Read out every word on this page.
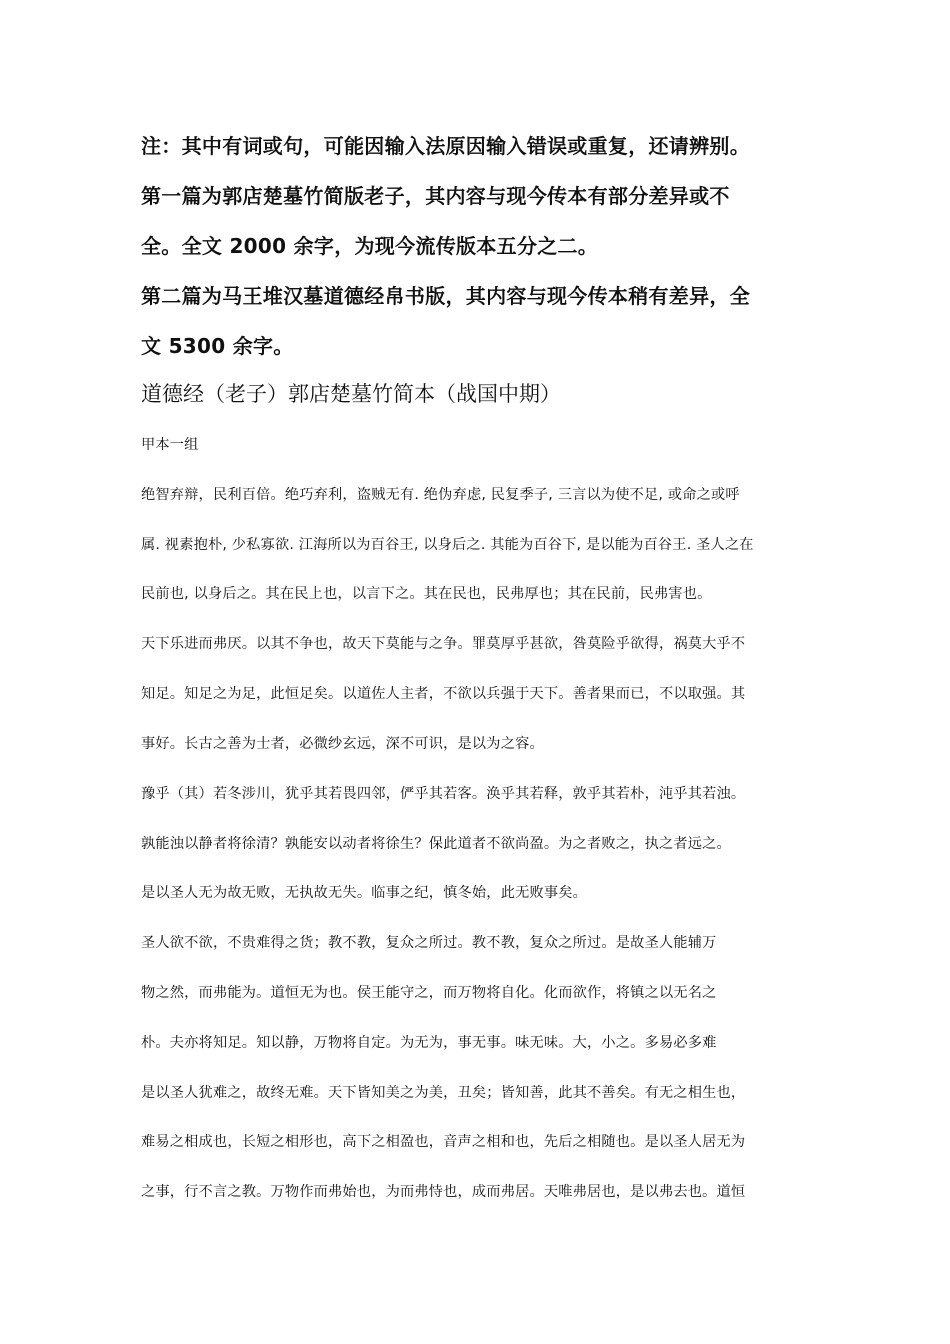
注：其中有词或句，可能因输入法原因输入错误或重复，还请辨别。

第一篇为郭店楚墓竹简版老子，其内容与现今传本有部分差异或不

全。全文 2000 余字，为现今流传版本五分之二。

第二篇为马王堆汉墓道德经帛书版，其内容与现今传本稍有差异，全

文 5300 余字。

道德经（老子）郭店楚墓竹简本（战国中期）

甲本一组

绝智弃辩，民利百倍。绝巧弃利，盗贼无有. 绝伪弃虑, 民复季子, 三言以为使不足, 或命之或呼

属. 视素抱朴, 少私寡欲. 江海所以为百谷王, 以身后之. 其能为百谷下, 是以能为百谷王. 圣人之在

民前也, 以身后之。其在民上也，以言下之。其在民也，民弗厚也；其在民前，民弗害也。

天下乐进而弗厌。以其不争也，故天下莫能与之争。罪莫厚乎甚欲，咎莫险乎欲得，祸莫大乎不

知足。知足之为足，此恒足矣。以道佐人主者，不欲以兵强于天下。善者果而已，不以取强。其

事好。长古之善为士者，必微纱玄远，深不可识，是以为之容。

豫乎（其）若冬涉川，犹乎其若畏四邻，俨乎其若客。涣乎其若释，敦乎其若朴，沌乎其若浊。

孰能浊以静者将徐清？孰能安以动者将徐生？保此道者不欲尚盈。为之者败之，执之者远之。

是以圣人无为故无败，无执故无失。临事之纪，慎冬始，此无败事矣。

圣人欲不欲，不贵难得之货；教不教，复众之所过。教不教，复众之所过。是故圣人能辅万

物之然，而弗能为。道恒无为也。侯王能守之，而万物将自化。化而欲作，将镇之以无名之

朴。夫亦将知足。知以静，万物将自定。为无为，事无事。味无味。大，小之。多易必多难

是以圣人犹难之，故终无难。天下皆知美之为美，丑矣；皆知善，此其不善矣。有无之相生也，

难易之相成也，长短之相形也，高下之相盈也，音声之相和也，先后之相随也。是以圣人居无为

之事，行不言之教。万物作而弗始也，为而弗恃也，成而弗居。天唯弗居也，是以弗去也。道恒
